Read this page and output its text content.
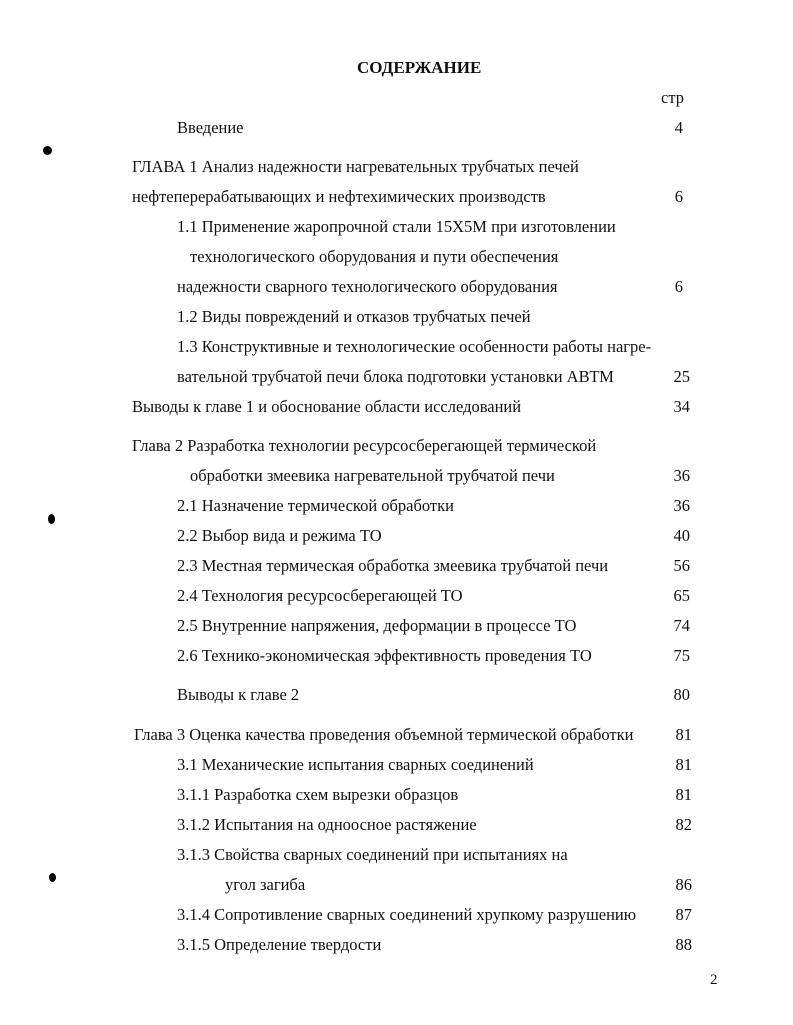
СОДЕРЖАНИЕ
стр
Введение	4
ГЛАВА 1 Анализ надежности нагревательных трубчатых печей
нефтеперерабатывающих и нефтехимических производств	6
1.1 Применение жаропрочной стали 15Х5М при изготовлении
технологического оборудования и пути обеспечения
надежности сварного технологического оборудования	6
1.2 Виды повреждений и отказов трубчатых печей
1.3 Конструктивные и технологические особенности работы нагре-
вательной трубчатой печи блока подготовки установки АВТМ	25
Выводы к главе 1 и обоснование области исследований	34
Глава 2 Разработка технологии ресурсосберегающей термической
обработки змеевика нагревательной трубчатой печи	36
2.1 Назначение термической обработки	36
2.2 Выбор вида и режима ТО	40
2.3 Местная термическая обработка змеевика трубчатой печи	56
2.4 Технология ресурсосберегающей ТО	65
2.5 Внутренние напряжения, деформации в процессе ТО	74
2.6 Технико-экономическая эффективность проведения ТО	75
Выводы к главе 2	80
Глава 3 Оценка качества проведения объемной термической обработки	81
3.1 Механические испытания сварных соединений	81
3.1.1 Разработка схем вырезки образцов	81
3.1.2 Испытания на одноосное растяжение	82
3.1.3 Свойства сварных соединений при испытаниях на
угол загиба	86
3.1.4 Сопротивление сварных соединений хрупкому разрушению	87
3.1.5 Определение твердости	88
2
